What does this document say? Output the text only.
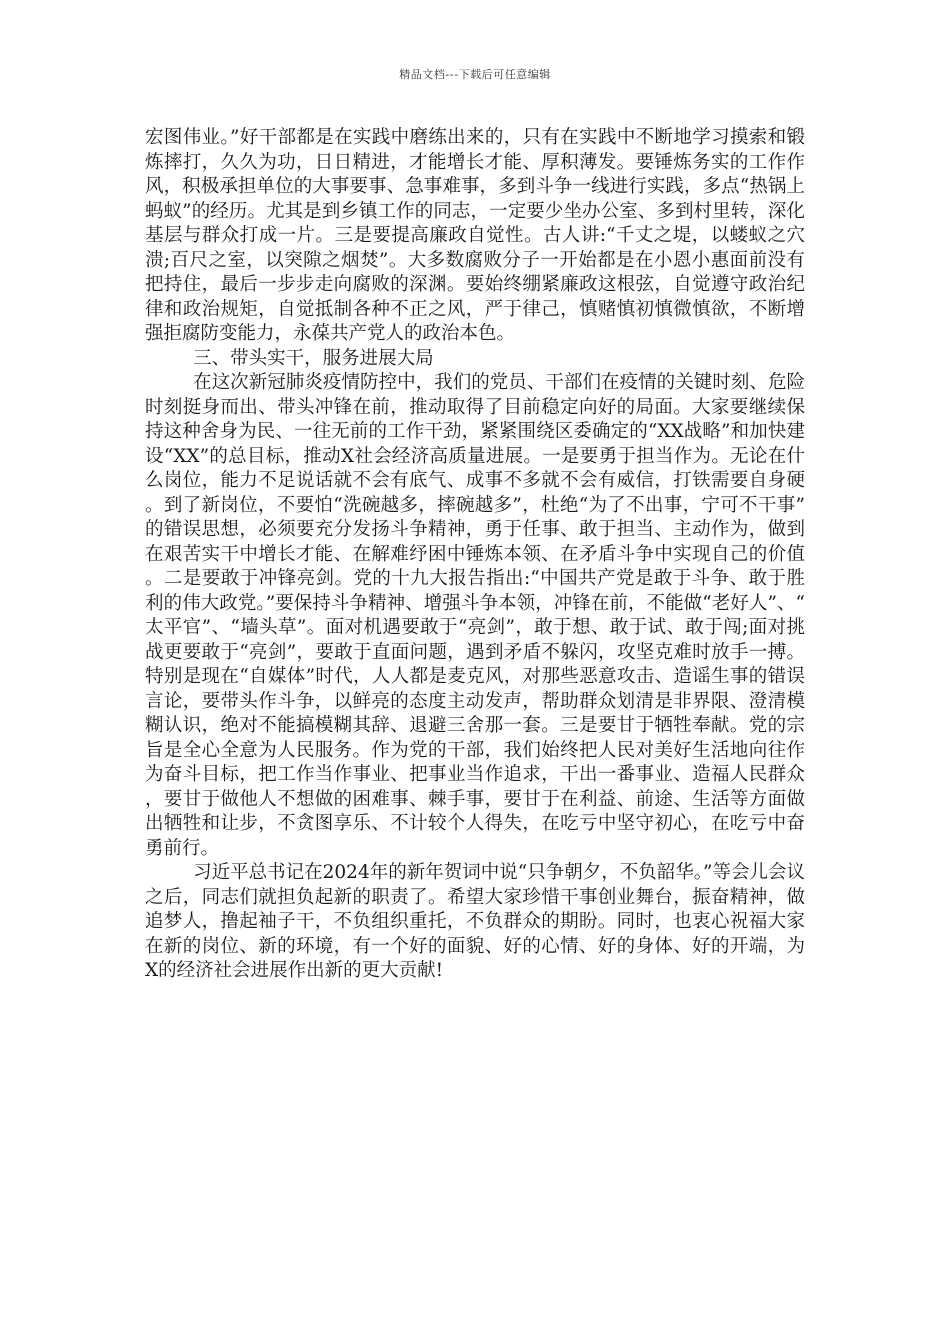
精品文档---下载后可任意编辑

宏图伟业。”好干部都是在实践中磨练出来的，只有在实践中不断地学习摸索和锻炼摔打，久久为功，日日精进，才能增长才能、厚积薄发。要锤炼务实的工作作风，积极承担单位的大事要事、急事难事，多到斗争一线进行实践，多点“热锅上蚂蚁”的经历。尤其是到乡镇工作的同志，一定要少坐办公室、多到村里转，深化基层与群众打成一片。三是要提高廉政自觉性。古人讲:“千丈之堤，以蝼蚁之穴溃;百尺之室，以突隙之烟焚”。大多数腐败分子一开始都是在小恩小惠面前没有把持住，最后一步步走向腐败的深渊。要始终绷紧廉政这根弦，自觉遵守政治纪律和政治规矩，自觉抵制各种不正之风，严于律己，慎赌慎初慎微慎欲，不断增强拒腐防变能力，永葆共产党人的政治本色。

三、带头实干，服务进展大局

在这次新冠肺炎疫情防控中，我们的党员、干部们在疫情的关键时刻、危险时刻挺身而出、带头冲锋在前，推动取得了目前稳定向好的局面。大家要继续保持这种舍身为民、一往无前的工作干劲，紧紧围绕区委确定的“XX战略”和加快建设“XX”的总目标，推动X社会经济高质量进展。一是要勇于担当作为。无论在什么岗位，能力不足说话就不会有底气、成事不多就不会有威信，打铁需要自身硬。到了新岗位，不要怕“洗碗越多，摔碗越多”，杜绝“为了不出事，宁可不干事”的错误思想，必须要充分发扬斗争精神，勇于任事、敢于担当、主动作为，做到在艰苦实干中增长才能、在解难纾困中锤炼本领、在矛盾斗争中实现自己的价值。二是要敢于冲锋亮剑。党的十九大报告指出:“中国共产党是敢于斗争、敢于胜利的伟大政党。”要保持斗争精神、增强斗争本领，冲锋在前，不能做“老好人”、“太平官”、“墙头草”。面对机遇要敢于“亮剑”，敢于想、敢于试、敢于闯;面对挑战更要敢于“亮剑”，要敢于直面问题，遇到矛盾不躲闪，攻坚克难时放手一搏。特别是现在“自媒体”时代，人人都是麦克风，对那些恶意攻击、造谣生事的错误言论，要带头作斗争，以鲜亮的态度主动发声，帮助群众划清是非界限、澄清模糊认识，绝对不能搞模糊其辞、退避三舍那一套。三是要甘于牺牲奉献。党的宗旨是全心全意为人民服务。作为党的干部，我们始终把人民对美好生活地向往作为奋斗目标，把工作当作事业、把事业当作追求，干出一番事业、造福人民群众，要甘于做他人不想做的困难事、棘手事，要甘于在利益、前途、生活等方面做出牺牲和让步，不贪图享乐、不计较个人得失，在吃亏中坚守初心，在吃亏中奋勇前行。

习近平总书记在2024年的新年贺词中说“只争朝夕，不负韶华。”等会儿会议之后，同志们就担负起新的职责了。希望大家珍惜干事创业舞台，振奋精神，做追梦人，撸起袖子干，不负组织重托，不负群众的期盼。同时，也衷心祝福大家在新的岗位、新的环境，有一个好的面貌、好的心情、好的身体、好的开端，为X的经济社会进展作出新的更大贡献!
